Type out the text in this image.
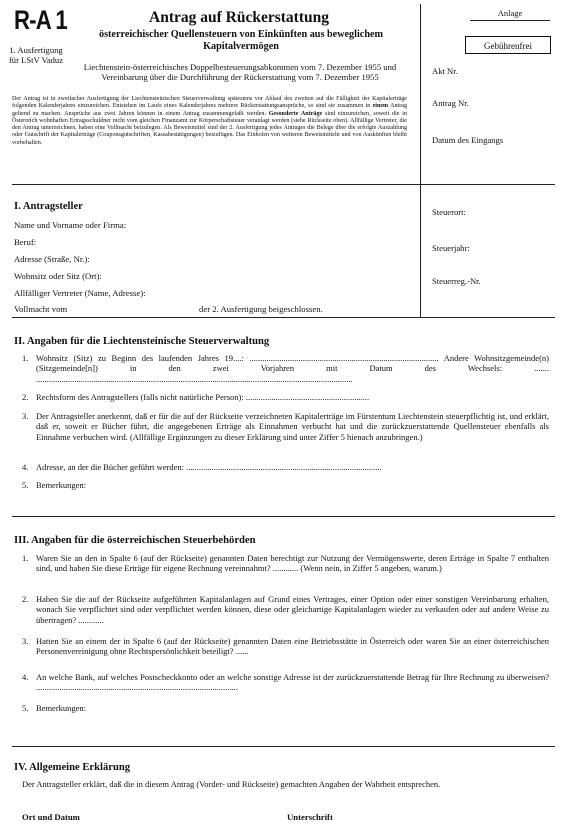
R-A 1
1. Ausfertigung für LStV Vaduz
Antrag auf Rückerstattung
österreichischer Quellensteuern von Einkünften aus beweglichem Kapitalvermögen
Liechtenstein-österreichisches Doppelbesteuerungsabkommen vom 7. Dezember 1955 und Vereinbarung über die Durchführung der Rückerstattung vom 7. Dezember 1955
Der Antrag ist in zweifacher Ausfertigung der Liechtensteinischen Steuerverwaltung spätestens vor Ablauf des zweiten auf die Fälligkeit der Kapitalerträge folgenden Kalenderjahres einzureichen. Entstehen im Laufe eines Kalenderjahres mehrere Rückerstattungsansprüche, so sind sie zusammen in einem Antrag geltend zu machen. Ansprüche aus zwei Jahren können in einem Antrag zusammengefaßt werden. Gesonderte Anträge sind einzureichen, soweit die in Österreich wohnhaften Ertragsschuldner nicht vom gleichen Finanzamt zur Körperschaftsteuer veranlagt werden (siehe Rückseite oben). Allfällige Vertreter, die den Antrag unterzeichnen, haben eine Vollmacht beizulegen. Als Beweismittel sind der 2. Ausfertigung jedes Antrages die Belege über die erfolgte Auszahlung oder Gutschrift der Kapitalerträge (Couponsgutschriften, Kassabestätigungen) beizufügen. Das Einholen von weiteren Beweismitteln und von Auskünften bleibt vorbehalten.
Anlage
Gebührenfrei
Akt Nr.
Antrag Nr.
Datum des Eingangs
Steuerort:
Steuerjahr:
Steuerreg.-Nr.
I. Antragsteller
Name und Vorname oder Firma:
Beruf:
Adresse (Straße, Nr.):
Wohnsitz oder Sitz (Ort):
Allfälliger Vertreter (Name, Adresse):
Vollmacht vom	der 2. Ausfertigung beigeschlossen.
II. Angaben für die Liechtensteinische Steuerverwaltung
1. Wohnsitz (Sitz) zu Beginn des laufenden Jahres 19....: ......................................................................................... Andere Wohnsitzgemeinde(n) (Sitzgemeinde[n]) in den zwei Vorjahren mit Datum des Wechsels: ....... .....................................................................................................................................................
2. Rechtsform des Antragstellers (falls nicht natürliche Person): ..........................................................
3. Der Antragsteller anerkennt, daß er für die auf der Rückseite verzeichneten Kapitalerträge im Fürstentum Liechtenstein steuerpflichtig ist, und erklärt, daß er, soweit er Bücher führt, die angegebenen Erträge als Einnahmen verbucht hat und die zurückzuerstattende Quellensteuer ebenfalls als Einnahme verbuchen wird. (Allfällige Ergänzungen zu dieser Erklärung sind unter Ziffer 5 hienach anzubringen.)
4. Adresse, an der die Bücher geführt werden: ............................................................................................
5. Bemerkungen:
III. Angaben für die österreichischen Steuerbehörden
1. Waren Sie an den in Spalte 6 (auf der Rückseite) genannten Daten berechtigt zur Nutzung der Vermögenswerte, deren Erträge in Spalte 7 enthalten sind, und haben Sie diese Erträge für eigene Rechnung vereinnahmt? ............ (Wenn nein, in Ziffer 5 angeben, warum.)
2. Haben Sie die auf der Rückseite aufgeführten Kapitalanlagen auf Grund eines Vertrages, einer Option oder einer sonstigen Vereinbarung erhalten, wonach Sie verpflichtet sind oder verpflichtet werden können, diese oder gleichartige Kapitalanlagen wieder zu verkaufen oder auf andere Weise zu übertragen? ............
3. Hatten Sie an einem der in Spalte 6 (auf der Rückseite) genannten Daten eine Betriebsstätte in Österreich oder waren Sie an einer österreichischen Personenvereinigung ohne Rechtspersönlichkeit beteiligt? ......
4. An welche Bank, auf welches Postscheckkonto oder an welche sonstige Adresse ist der zurückzuerstattende Betrag für Ihre Rechnung zu überweisen? ...............................................................................................
5. Bemerkungen:
IV. Allgemeine Erklärung
Der Antragsteller erklärt, daß die in diesem Antrag (Vorder- und Rückseite) gemachten Angaben der Wahrheit entsprechen.
Ort und Datum	Unterschrift
